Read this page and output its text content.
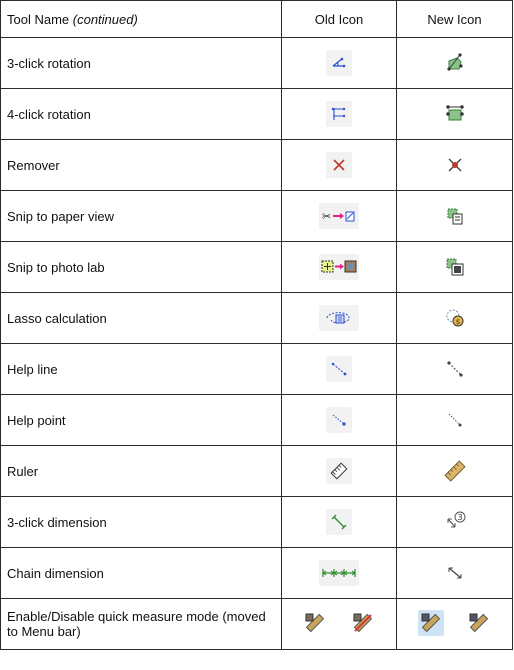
Tool Name (continued)	Old Icon	New Icon
3-click rotation	

4-click rotation	

Remover	

Snip to paper view	✂

Snip to photo lab	

Lasso calculation		$

Help line	

Help point	

Ruler	

3-click dimension		3

Chain dimension	

Enable/Disable quick measure mode (moved to Menu bar)	
